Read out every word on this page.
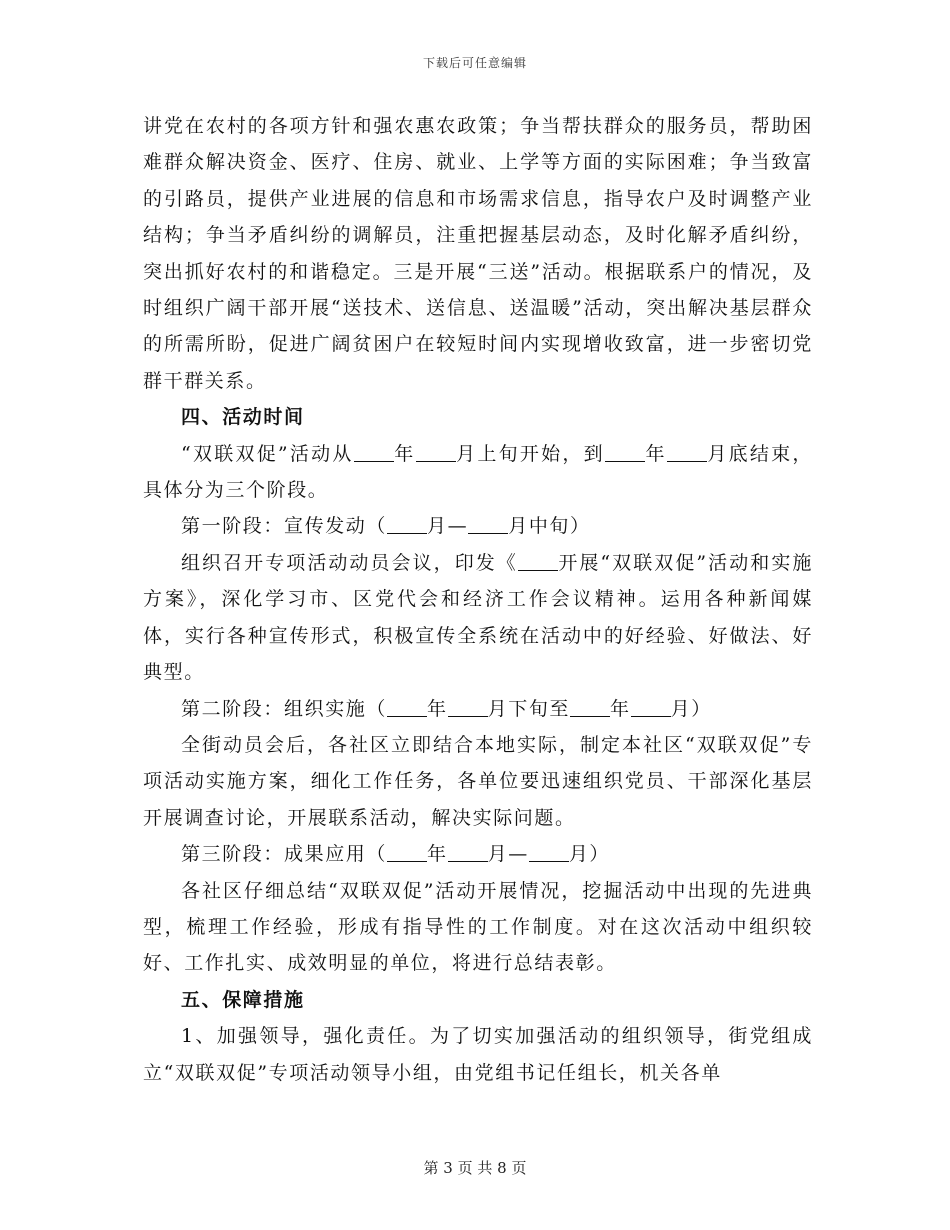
下载后可任意编辑

讲党在农村的各项方针和强农惠农政策；争当帮扶群众的服务员，帮助困难群众解决资金、医疗、住房、就业、上学等方面的实际困难；争当致富的引路员，提供产业进展的信息和市场需求信息，指导农户及时调整产业结构；争当矛盾纠纷的调解员，注重把握基层动态，及时化解矛盾纠纷，突出抓好农村的和谐稳定。三是开展“三送”活动。根据联系户的情况，及时组织广阔干部开展“送技术、送信息、送温暖”活动，突出解决基层群众的所需所盼，促进广阔贫困户在较短时间内实现增收致富，进一步密切党群干群关系。

四、活动时间

“双联双促”活动从 年 月上旬开始，到 年 月底结束，具体分为三个阶段。

第一阶段：宣传发动（ 月— 月中旬）

组织召开专项活动动员会议，印发《 开展“双联双促”活动和实施方案》，深化学习市、区党代会和经济工作会议精神。运用各种新闻媒体，实行各种宣传形式，积极宣传全系统在活动中的好经验、好做法、好典型。

第二阶段：组织实施（ 年 月下旬至 年 月）

全街动员会后，各社区立即结合本地实际，制定本社区“双联双促”专项活动实施方案，细化工作任务，各单位要迅速组织党员、干部深化基层开展调查讨论，开展联系活动，解决实际问题。

第三阶段：成果应用（ 年 月— 月）

各社区仔细总结“双联双促”活动开展情况，挖掘活动中出现的先进典型，梳理工作经验，形成有指导性的工作制度。对在这次活动中组织较好、工作扎实、成效明显的单位，将进行总结表彰。

五、保障措施

1、加强领导，强化责任。为了切实加强活动的组织领导，街党组成立“双联双促”专项活动领导小组，由党组书记任组长，机关各单

第 3 页 共 8 页
